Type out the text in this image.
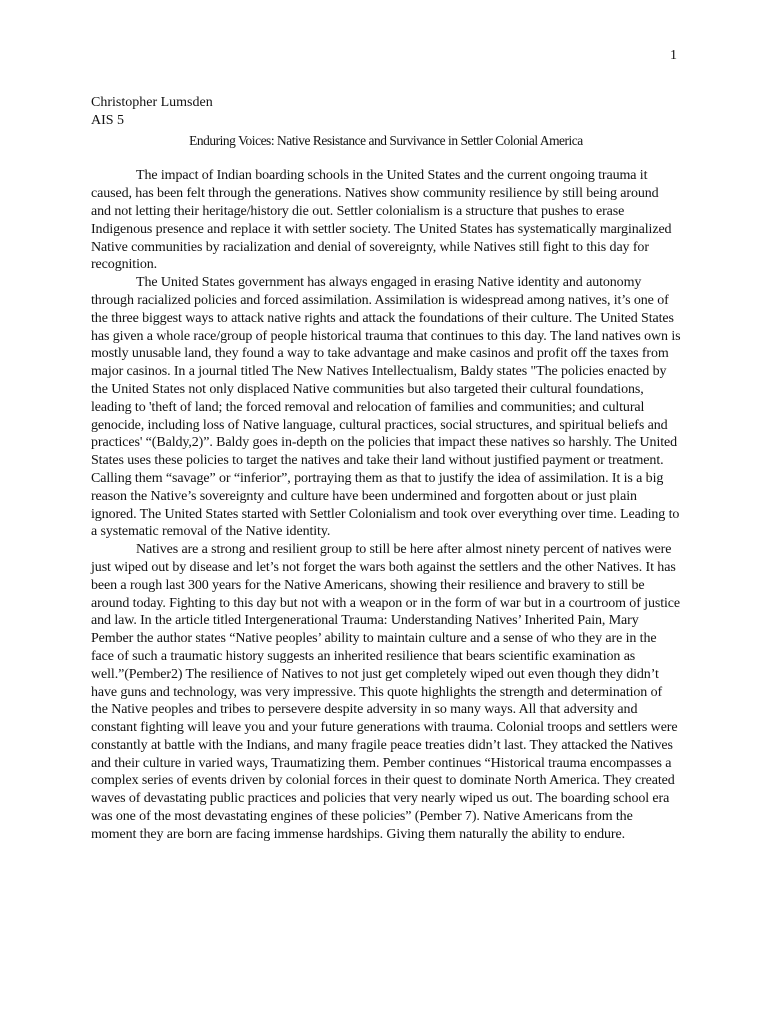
1

Christopher Lumsden

AIS 5

Enduring Voices: Native Resistance and Survivance in Settler Colonial America

The impact of Indian boarding schools in the United States and the current ongoing trauma it caused, has been felt through the generations. Natives show community resilience by still being around and not letting their heritage/history die out. Settler colonialism is a structure that pushes to erase Indigenous presence and replace it with settler society. The United States has systematically marginalized Native communities by racialization and denial of sovereignty, while Natives still fight to this day for recognition.

The United States government has always engaged in erasing Native identity and autonomy through racialized policies and forced assimilation. Assimilation is widespread among natives, it’s one of the three biggest ways to attack native rights and attack the foundations of their culture. The United States has given a whole race/group of people historical trauma that continues to this day. The land natives own is mostly unusable land, they found a way to take advantage and make casinos and profit off the taxes from major casinos. In a journal titled The New Natives Intellectualism, Baldy states "The policies enacted by the United States not only displaced Native communities but also targeted their cultural foundations, leading to 'theft of land; the forced removal and relocation of families and communities; and cultural genocide, including loss of Native language, cultural practices, social structures, and spiritual beliefs and practices' “(Baldy,2)”. Baldy goes in-depth on the policies that impact these natives so harshly. The United States uses these policies to target the natives and take their land without justified payment or treatment. Calling them “savage” or “inferior”, portraying them as that to justify the idea of assimilation. It is a big reason the Native’s sovereignty and culture have been undermined and forgotten about or just plain ignored. The United States started with Settler Colonialism and took over everything over time. Leading to a systematic removal of the Native identity.

Natives are a strong and resilient group to still be here after almost ninety percent of natives were just wiped out by disease and let’s not forget the wars both against the settlers and the other Natives. It has been a rough last 300 years for the Native Americans, showing their resilience and bravery to still be around today. Fighting to this day but not with a weapon or in the form of war but in a courtroom of justice and law. In the article titled Intergenerational Trauma: Understanding Natives’ Inherited Pain, Mary Pember the author states “Native peoples’ ability to maintain culture and a sense of who they are in the face of such a traumatic history suggests an inherited resilience that bears scientific examination as well.”(Pember2) The resilience of Natives to not just get completely wiped out even though they didn’t have guns and technology, was very impressive. This quote highlights the strength and determination of the Native peoples and tribes to persevere despite adversity in so many ways. All that adversity and constant fighting will leave you and your future generations with trauma. Colonial troops and settlers were constantly at battle with the Indians, and many fragile peace treaties didn’t last. They attacked the Natives and their culture in varied ways, Traumatizing them. Pember continues “Historical trauma encompasses a complex series of events driven by colonial forces in their quest to dominate North America. They created waves of devastating public practices and policies that very nearly wiped us out. The boarding school era was one of the most devastating engines of these policies” (Pember 7). Native Americans from the moment they are born are facing immense hardships. Giving them naturally the ability to endure.
